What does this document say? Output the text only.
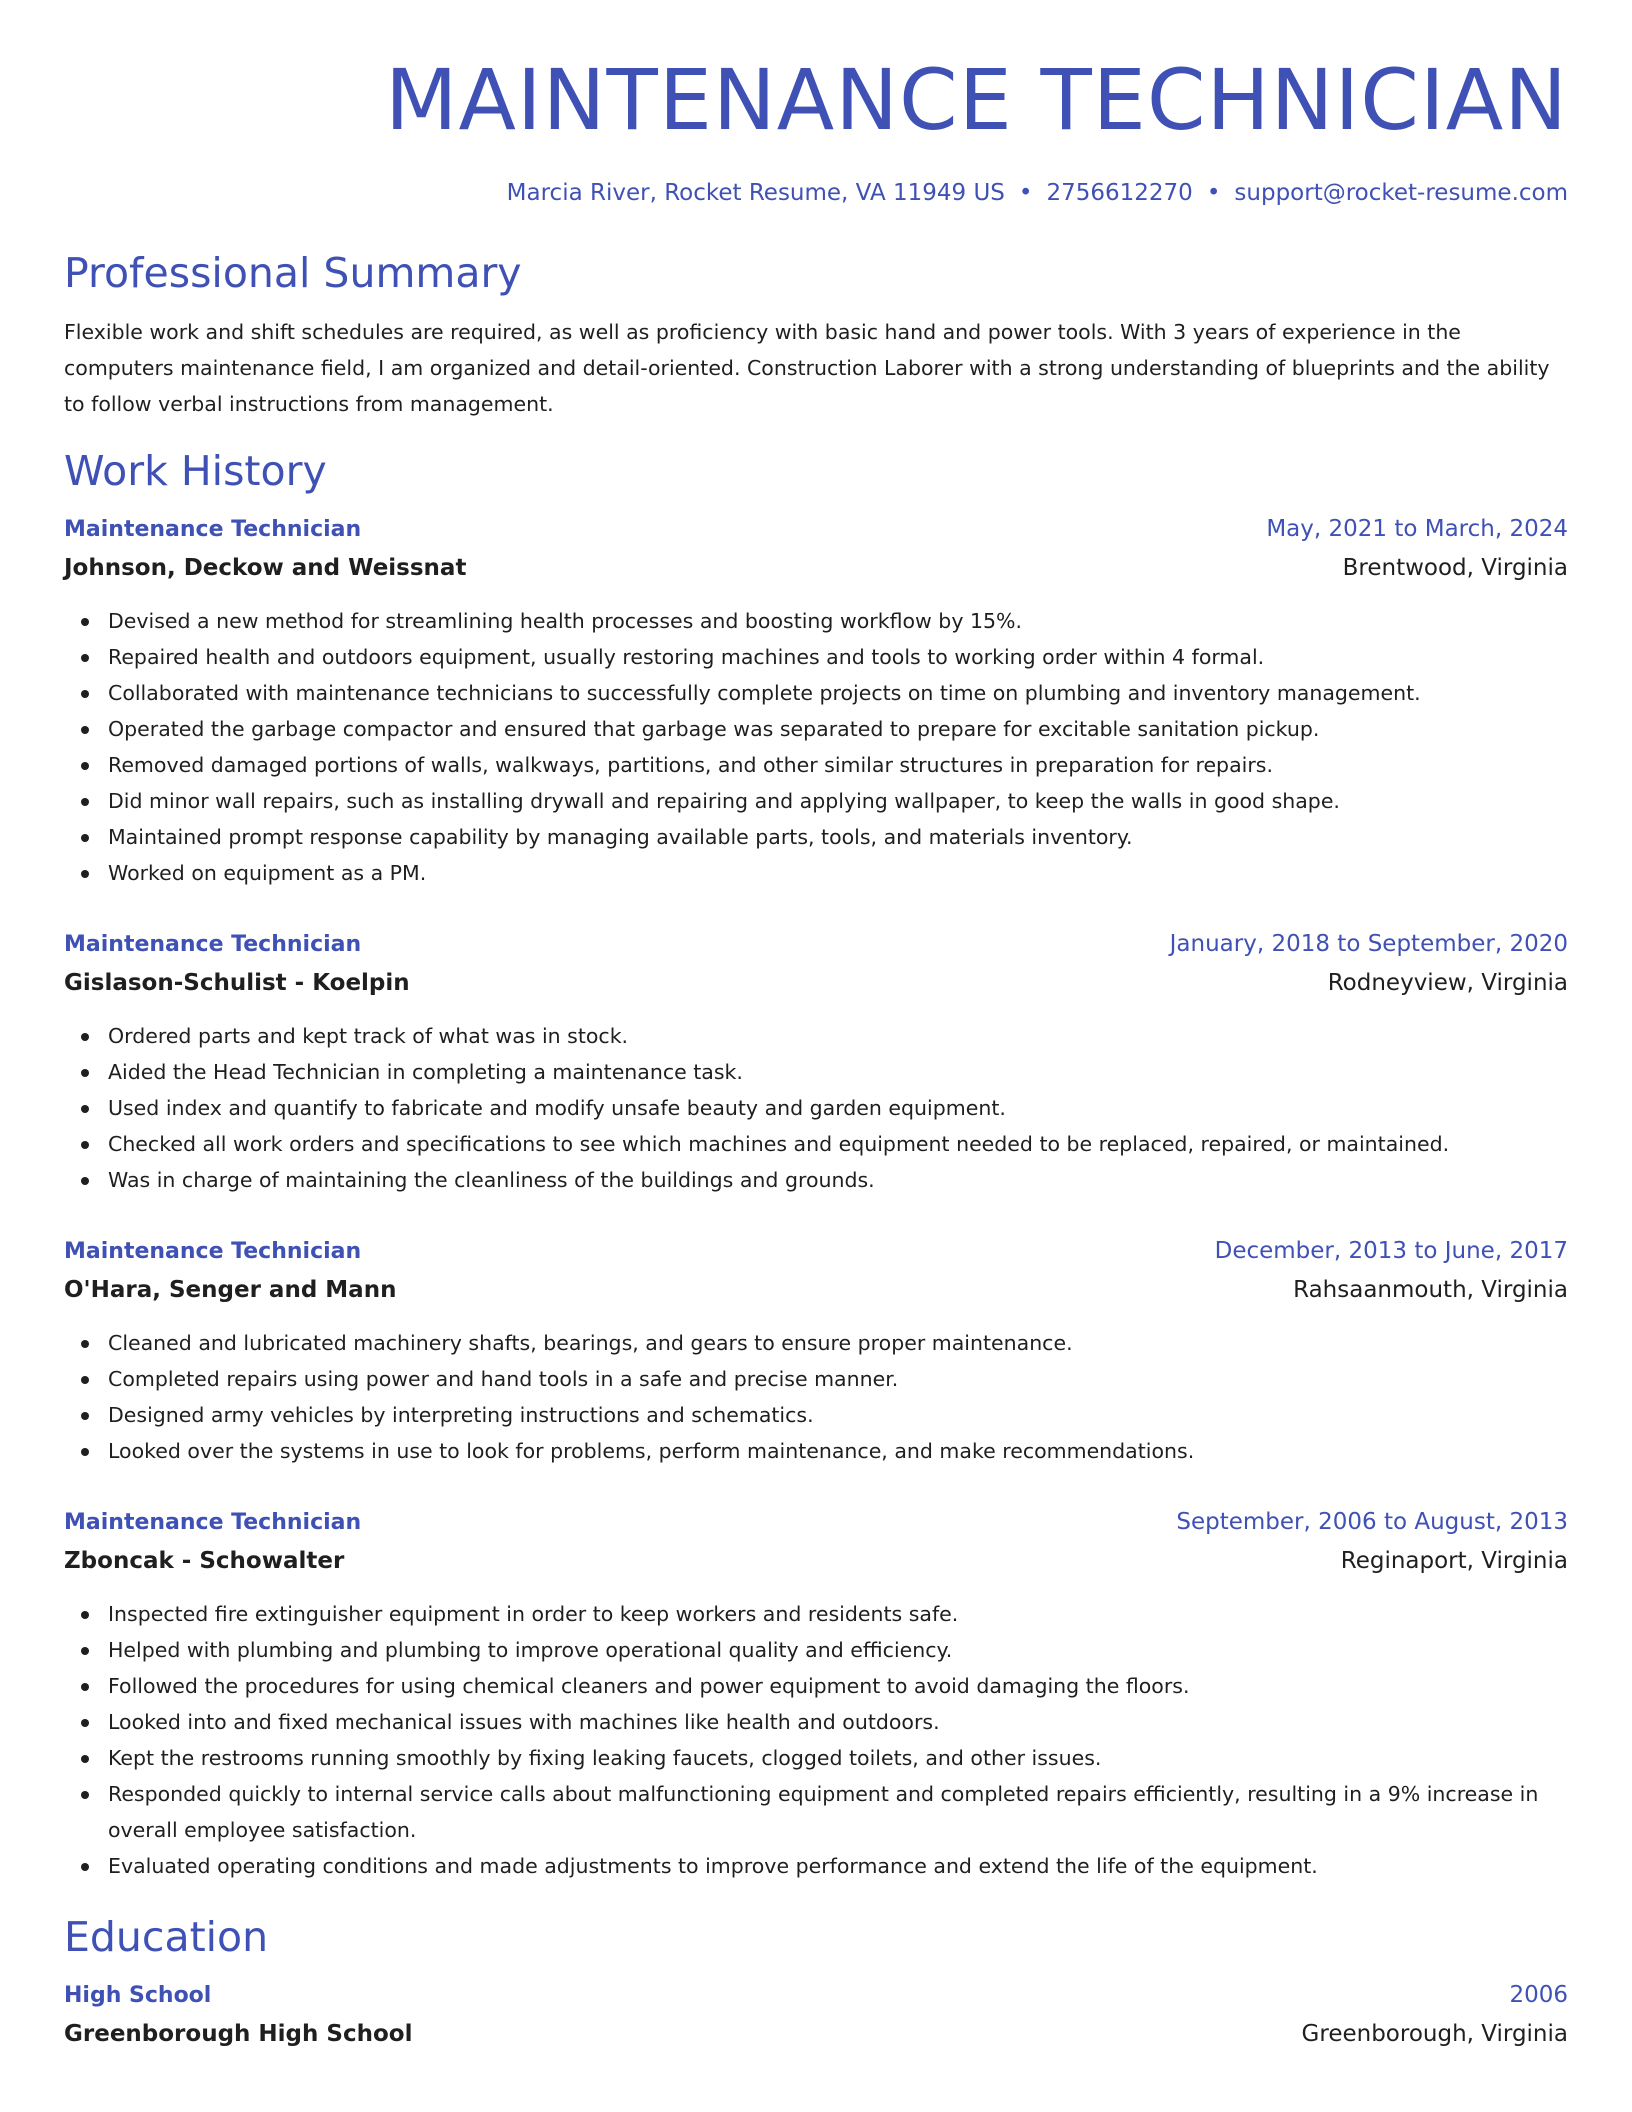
MAINTENANCE TECHNICIAN
Marcia River, Rocket Resume, VA 11949 US • 2756612270 • support@rocket-resume.com
Professional Summary
Flexible work and shift schedules are required, as well as proficiency with basic hand and power tools. With 3 years of experience in the computers maintenance field, I am organized and detail-oriented. Construction Laborer with a strong understanding of blueprints and the ability to follow verbal instructions from management.
Work History
Maintenance Technician	May, 2021 to March, 2024
Johnson, Deckow and Weissnat	Brentwood, Virginia
Devised a new method for streamlining health processes and boosting workflow by 15%.
Repaired health and outdoors equipment, usually restoring machines and tools to working order within 4 formal.
Collaborated with maintenance technicians to successfully complete projects on time on plumbing and inventory management.
Operated the garbage compactor and ensured that garbage was separated to prepare for excitable sanitation pickup.
Removed damaged portions of walls, walkways, partitions, and other similar structures in preparation for repairs.
Did minor wall repairs, such as installing drywall and repairing and applying wallpaper, to keep the walls in good shape.
Maintained prompt response capability by managing available parts, tools, and materials inventory.
Worked on equipment as a PM.
Maintenance Technician	January, 2018 to September, 2020
Gislason-Schulist - Koelpin	Rodneyview, Virginia
Ordered parts and kept track of what was in stock.
Aided the Head Technician in completing a maintenance task.
Used index and quantify to fabricate and modify unsafe beauty and garden equipment.
Checked all work orders and specifications to see which machines and equipment needed to be replaced, repaired, or maintained.
Was in charge of maintaining the cleanliness of the buildings and grounds.
Maintenance Technician	December, 2013 to June, 2017
O'Hara, Senger and Mann	Rahsaanmouth, Virginia
Cleaned and lubricated machinery shafts, bearings, and gears to ensure proper maintenance.
Completed repairs using power and hand tools in a safe and precise manner.
Designed army vehicles by interpreting instructions and schematics.
Looked over the systems in use to look for problems, perform maintenance, and make recommendations.
Maintenance Technician	September, 2006 to August, 2013
Zboncak - Schowalter	Reginaport, Virginia
Inspected fire extinguisher equipment in order to keep workers and residents safe.
Helped with plumbing and plumbing to improve operational quality and efficiency.
Followed the procedures for using chemical cleaners and power equipment to avoid damaging the floors.
Looked into and fixed mechanical issues with machines like health and outdoors.
Kept the restrooms running smoothly by fixing leaking faucets, clogged toilets, and other issues.
Responded quickly to internal service calls about malfunctioning equipment and completed repairs efficiently, resulting in a 9% increase in overall employee satisfaction.
Evaluated operating conditions and made adjustments to improve performance and extend the life of the equipment.
Education
High School	2006
Greenborough High School	Greenborough, Virginia
